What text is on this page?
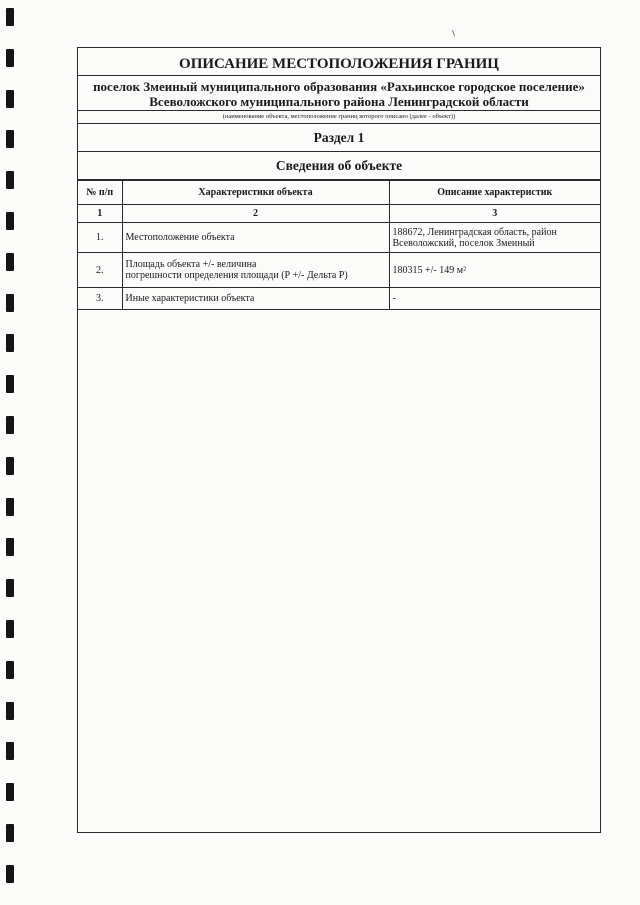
ОПИСАНИЕ МЕСТОПОЛОЖЕНИЯ ГРАНИЦ
поселок Змеиный муниципального образования «Рахьинское городское поселение»
Всеволожского муниципального района Ленинградской области
(наименование объекта, местоположение границ которого описано (далее - объект))
Раздел 1
Сведения об объекте
№ п/п	Характеристики объекта	Описание характеристик
1	2	3
1.	Местоположение объекта	188672, Ленинградская область, район
Всеволожский, поселок Змеиный

2.	Площадь объекта +/- величина
погрешности определения площади (Р +/- Дельта Р)	180315 +/- 149 м²

3.	Иные характеристики объекта	-
